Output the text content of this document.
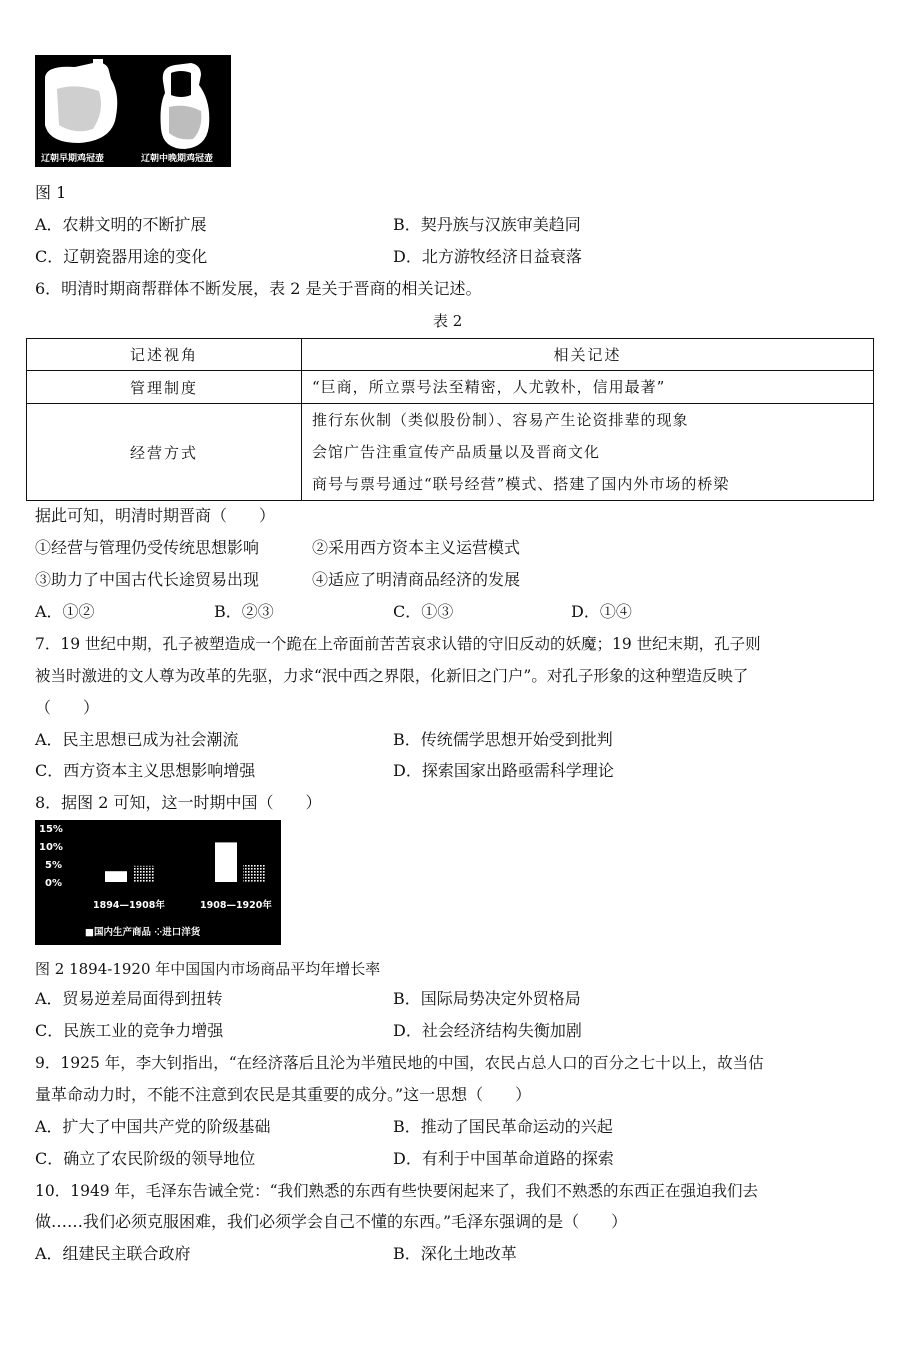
辽朝早期鸡冠壶	辽朝中晚期鸡冠壶
图 1
A．农耕文明的不断扩展	B．契丹族与汉族审美趋同
C．辽朝瓷器用途的变化	D．北方游牧经济日益衰落
6．明清时期商帮群体不断发展，表 2 是关于晋商的相关记述。
表 2
记述视角	相关记述
管理制度	“巨商，所立票号法至精密，人尤敦朴，信用最著”

经营方式	推行东伙制（类似股份制）、容易产生论资排辈的现象
会馆广告注重宣传产品质量以及晋商文化
商号与票号通过“联号经营”模式、搭建了国内外市场的桥梁
据此可知，明清时期晋商（　　）
①经营与管理仍受传统思想影响	②采用西方资本主义运营模式
③助力了中国古代长途贸易出现	④适应了明清商品经济的发展
A．①②	B．②③	C．①③	D．①④
7．19 世纪中期，孔子被塑造成一个跪在上帝面前苦苦哀求认错的守旧反动的妖魔；19 世纪末期，孔子则
被当时激进的文人尊为改革的先驱，力求“泯中西之界限，化新旧之门户”。对孔子形象的这种塑造反映了
（　　）
A．民主思想已成为社会潮流	B．传统儒学思想开始受到批判
C．西方资本主义思想影响增强	D．探索国家出路亟需科学理论
8．据图 2 可知，这一时期中国（　　）
15%
10%
5%
0%
1894—1908年	1908—1920年
■国内生产商品 ⁘进口洋货
图 2 1894-1920 年中国国内市场商品平均年增长率
A．贸易逆差局面得到扭转	B．国际局势决定外贸格局
C．民族工业的竞争力增强	D．社会经济结构失衡加剧
9．1925 年，李大钊指出，“在经济落后且沦为半殖民地的中国，农民占总人口的百分之七十以上，故当估
量革命动力时，不能不注意到农民是其重要的成分。”这一思想（　　）
A．扩大了中国共产党的阶级基础	B．推动了国民革命运动的兴起
C．确立了农民阶级的领导地位	D．有利于中国革命道路的探索
10．1949 年，毛泽东告诫全党：“我们熟悉的东西有些快要闲起来了，我们不熟悉的东西正在强迫我们去
做……我们必须克服困难，我们必须学会自己不懂的东西。”毛泽东强调的是（　　）
A．组建民主联合政府	B．深化土地改革
